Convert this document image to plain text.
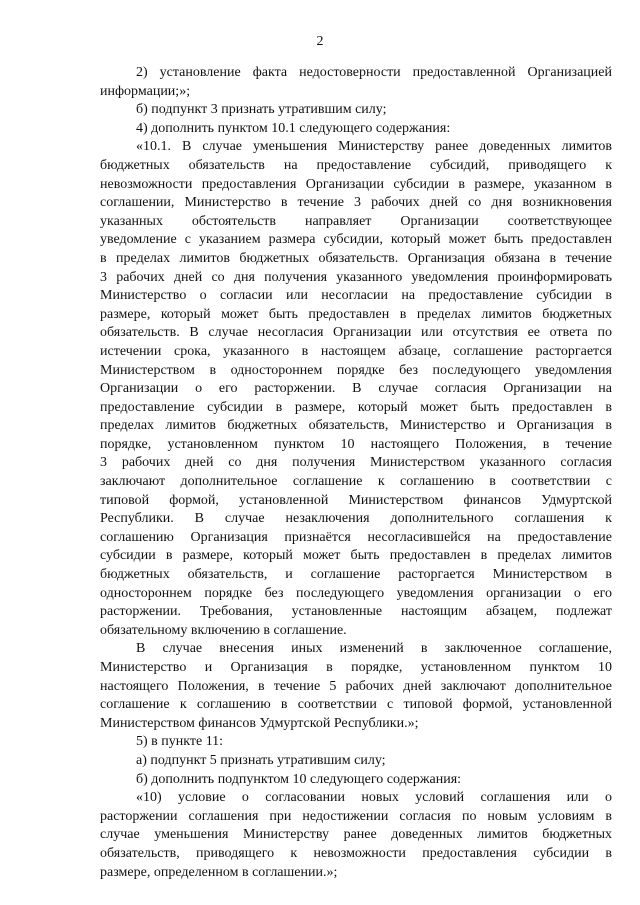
2
2) установление факта недостоверности предоставленной Организацией
информации;»;
б) подпункт 3 признать утратившим силу;
4) дополнить пунктом 10.1 следующего содержания:
«10.1. В случае уменьшения Министерству ранее доведенных лимитов
бюджетных обязательств на предоставление субсидий, приводящего к
невозможности предоставления Организации субсидии в размере, указанном в
соглашении, Министерство в течение 3 рабочих дней со дня возникновения
указанных обстоятельств направляет Организации соответствующее
уведомление с указанием размера субсидии, который может быть предоставлен
в пределах лимитов бюджетных обязательств. Организация обязана в течение
3 рабочих дней со дня получения указанного уведомления проинформировать
Министерство о согласии или несогласии на предоставление субсидии в
размере, который может быть предоставлен в пределах лимитов бюджетных
обязательств. В случае несогласия Организации или отсутствия ее ответа по
истечении срока, указанного в настоящем абзаце, соглашение расторгается
Министерством в одностороннем порядке без последующего уведомления
Организации о его расторжении. В случае согласия Организации на
предоставление субсидии в размере, который может быть предоставлен в
пределах лимитов бюджетных обязательств, Министерство и Организация в
порядке, установленном пунктом 10 настоящего Положения, в течение
3 рабочих дней со дня получения Министерством указанного согласия
заключают дополнительное соглашение к соглашению в соответствии с
типовой формой, установленной Министерством финансов Удмуртской
Республики. В случае незаключения дополнительного соглашения к
соглашению Организация признаётся несогласившейся на предоставление
субсидии в размере, который может быть предоставлен в пределах лимитов
бюджетных обязательств, и соглашение расторгается Министерством в
одностороннем порядке без последующего уведомления организации о его
расторжении. Требования, установленные настоящим абзацем, подлежат
обязательному включению в соглашение.
В случае внесения иных изменений в заключенное соглашение,
Министерство и Организация в порядке, установленном пунктом 10
настоящего Положения, в течение 5 рабочих дней заключают дополнительное
соглашение к соглашению в соответствии с типовой формой, установленной
Министерством финансов Удмуртской Республики.»;
5) в пункте 11:
а) подпункт 5 признать утратившим силу;
б) дополнить подпунктом 10 следующего содержания:
«10) условие о согласовании новых условий соглашения или о
расторжении соглашения при недостижении согласия по новым условиям в
случае уменьшения Министерству ранее доведенных лимитов бюджетных
обязательств, приводящего к невозможности предоставления субсидии в
размере, определенном в соглашении.»;
